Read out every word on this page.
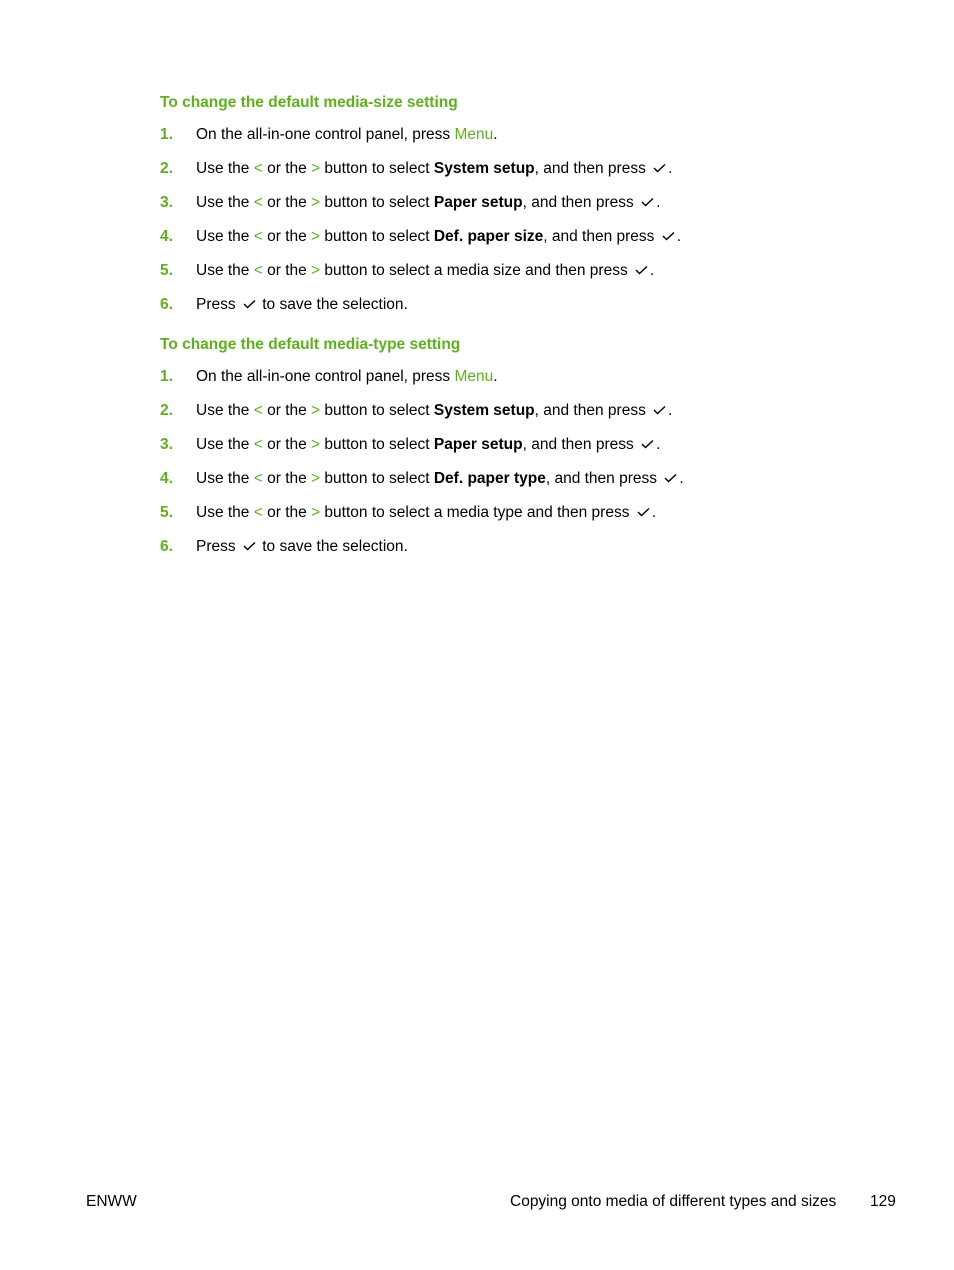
To change the default media-size setting
1. On the all-in-one control panel, press Menu.
2. Use the < or the > button to select System setup, and then press .
3. Use the < or the > button to select Paper setup, and then press .
4. Use the < or the > button to select Def. paper size, and then press .
5. Use the < or the > button to select a media size and then press .
6. Press  to save the selection.
To change the default media-type setting
1. On the all-in-one control panel, press Menu.
2. Use the < or the > button to select System setup, and then press .
3. Use the < or the > button to select Paper setup, and then press .
4. Use the < or the > button to select Def. paper type, and then press .
5. Use the < or the > button to select a media type and then press .
6. Press  to save the selection.
ENWW	Copying onto media of different types and sizes 129
